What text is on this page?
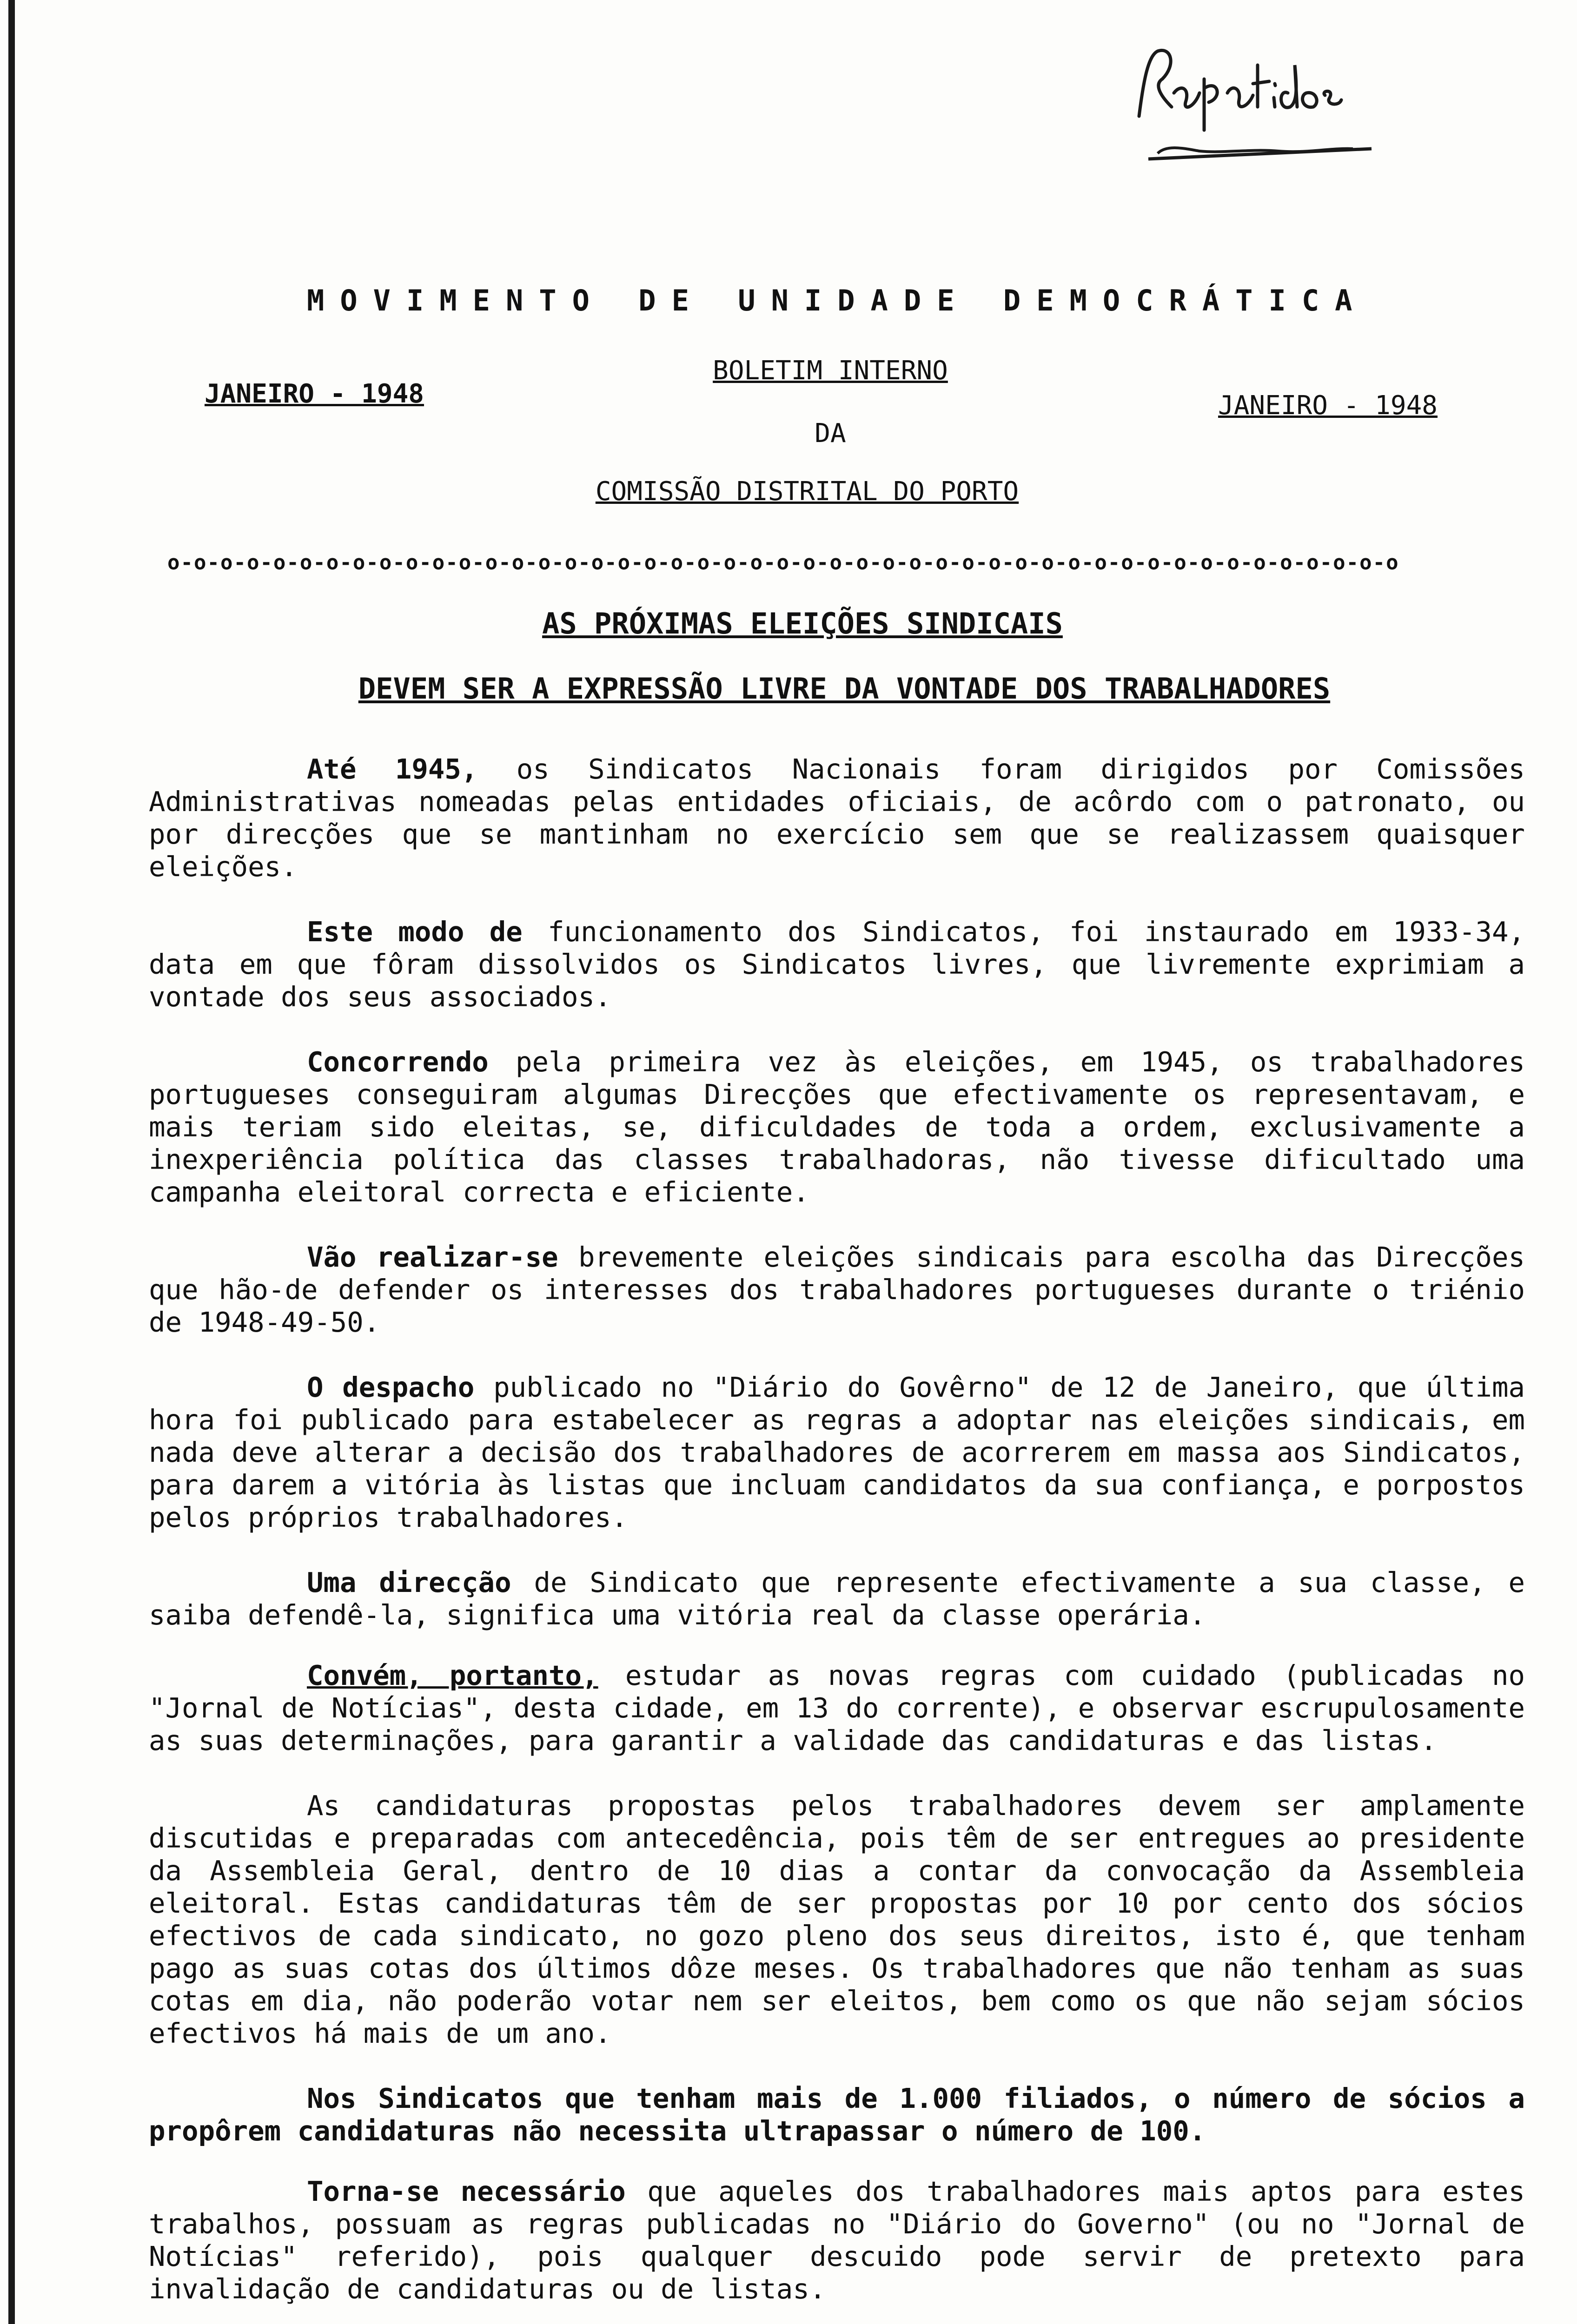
MOVIMENTO DE UNIDADE DEMOCRÁTICA
BOLETIM INTERNO
JANEIRO - 1948	JANEIRO - 1948
DA
COMISSÃO DISTRITAL DO PORTO
o-o-o-o-o-o-o-o-o-o-o-o-o-o-o-o-o-o-o-o-o-o-o-o-o-o-o-o-o-o-o-o-o-o-o-o-o-o-o-o-o-o-o-o-o-o-o
AS PRÓXIMAS ELEIÇÕES SINDICAIS
DEVEM SER A EXPRESSÃO LIVRE DA VONTADE DOS TRABALHADORES

Até 1945, os Sindicatos Nacionais foram dirigidos por Comissões Administrativas nomeadas pelas entidades oficiais, de acôrdo com o patronato, ou por direcções que se mantinham no exercício sem que se realizassem quaisquer eleições.

Este modo de funcionamento dos Sindicatos, foi instaurado em 1933-34, data em que fôram dissolvidos os Sindicatos livres, que livremente exprimiam a vontade dos seus associados.

Concorrendo pela primeira vez às eleições, em 1945, os trabalhadores portugueses conseguiram algumas Direcções que efectivamente os representavam, e mais teriam sido eleitas, se, dificuldades de toda a ordem, exclusivamente a inexperiência política das classes trabalhadoras, não tivesse dificultado uma campanha eleitoral correcta e eficiente.

Vão realizar-se brevemente eleições sindicais para escolha das Direcções que hão-de defender os interesses dos trabalhadores portugueses durante o triénio de 1948-49-50.

O despacho publicado no "Diário do Govêrno" de 12 de Janeiro, que última hora foi publicado para estabelecer as regras a adoptar nas eleições sindicais, em nada deve alterar a decisão dos trabalhadores de acorrerem em massa aos Sindicatos, para darem a vitória às listas que incluam candidatos da sua confiança, e porpostos pelos próprios trabalhadores.

Uma direcção de Sindicato que represente efectivamente a sua classe, e saiba defendê-la, significa uma vitória real da classe operária.

Convém, portanto, estudar as novas regras com cuidado (publicadas no "Jornal de Notícias", desta cidade, em 13 do corrente), e observar escrupulosamente as suas determinações, para garantir a validade das candidaturas e das listas.

As candidaturas propostas pelos trabalhadores devem ser amplamente discutidas e preparadas com antecedência, pois têm de ser entregues ao presidente da Assembleia Geral, dentro de 10 dias a contar da convocação da Assembleia eleitoral. Estas candidaturas têm de ser propostas por 10 por cento dos sócios efectivos de cada sindicato, no gozo pleno dos seus direitos, isto é, que tenham pago as suas cotas dos últimos dôze meses. Os trabalhadores que não tenham as suas cotas em dia, não poderão votar nem ser eleitos, bem como os que não sejam sócios efectivos há mais de um ano.

Nos Sindicatos que tenham mais de 1.000 filiados, o número de sócios a propôrem candidaturas não necessita ultrapassar o número de 100.

Torna-se necessário que aqueles dos trabalhadores mais aptos para estes trabalhos, possuam as regras publicadas no "Diário do Governo" (ou no "Jornal de Notícias" referido), pois qualquer descuido pode servir de pretexto para invalidação de candidaturas ou de listas.
